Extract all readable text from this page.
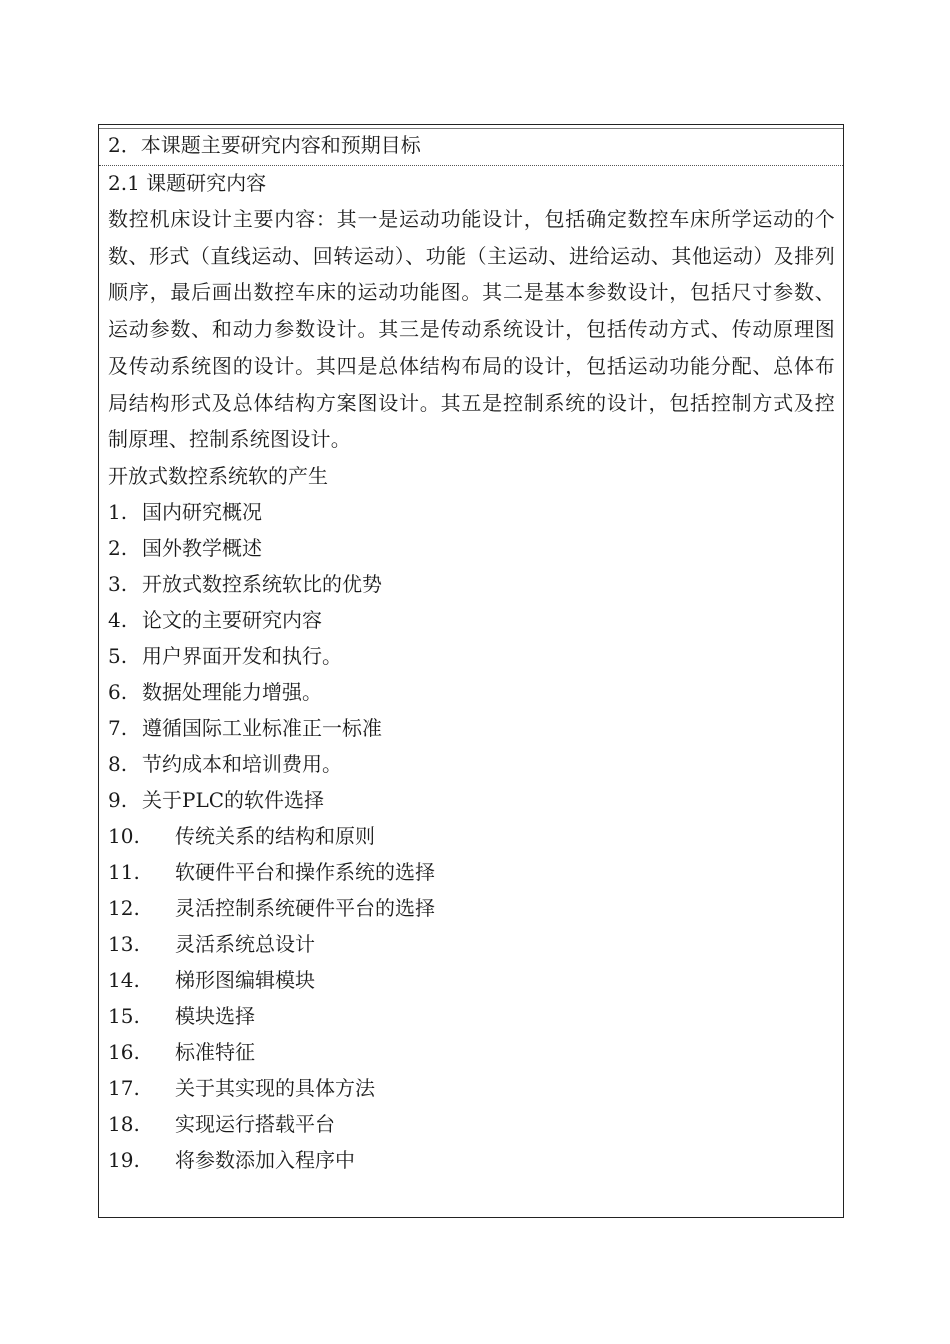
2．本课题主要研究内容和预期目标
2.1 课题研究内容
数控机床设计主要内容：其一是运动功能设计，包括确定数控车床所学运动的个数、形式（直线运动、回转运动）、功能（主运动、进给运动、其他运动）及排列顺序，最后画出数控车床的运动功能图。其二是基本参数设计，包括尺寸参数、运动参数、和动力参数设计。其三是传动系统设计，包括传动方式、传动原理图及传动系统图的设计。其四是总体结构布局的设计，包括运动功能分配、总体布局结构形式及总体结构方案图设计。其五是控制系统的设计，包括控制方式及控制原理、控制系统图设计。
开放式数控系统软的产生
1. 国内研究概况
2. 国外教学概述
3. 开放式数控系统软比的优势
4. 论文的主要研究内容
5. 用户界面开发和执行。
6. 数据处理能力增强。
7. 遵循国际工业标准正一标准
8. 节约成本和培训费用。
9. 关于PLC的软件选择
10. 传统关系的结构和原则
11. 软硬件平台和操作系统的选择
12. 灵活控制系统硬件平台的选择
13. 灵活系统总设计
14. 梯形图编辑模块
15. 模块选择
16. 标准特征
17. 关于其实现的具体方法
18. 实现运行搭载平台
19. 将参数添加入程序中
